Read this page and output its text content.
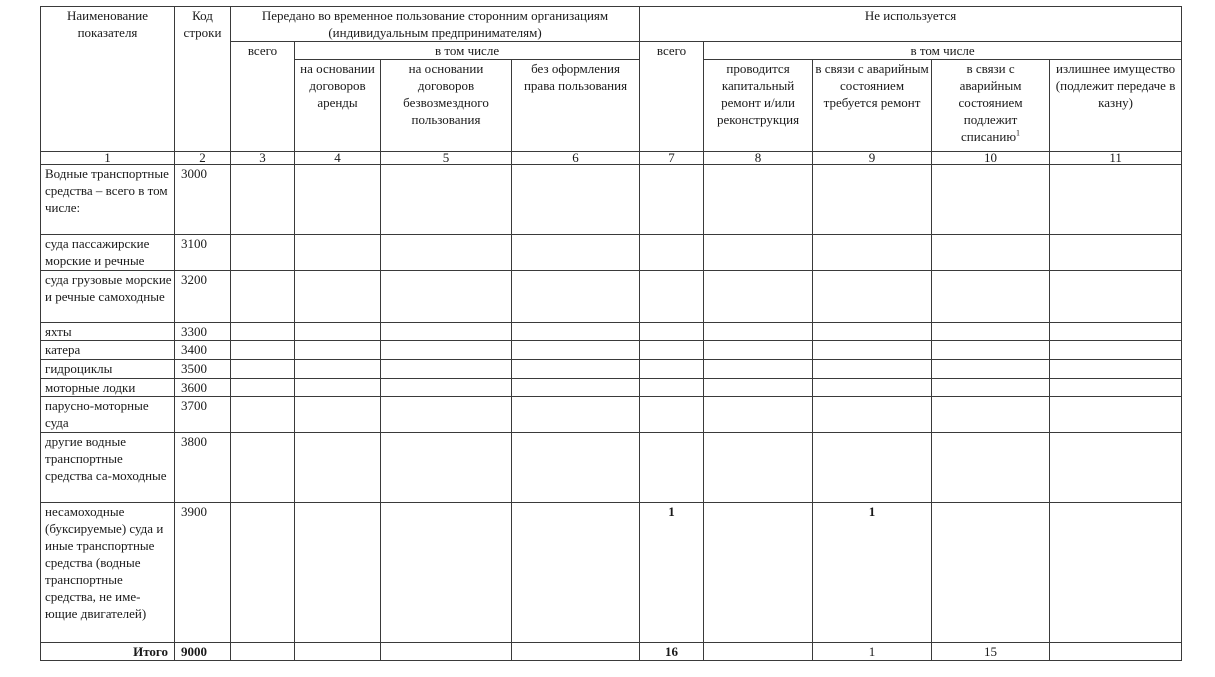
Наименование показателя	Код строки	Передано во временное пользование сторонним организациям (индивидуальным предпринимателям)				Не используется				
		всего	в том числе			всего	в том числе			
			на основании договоров аренды	на основании договоров безвозмездного пользования	без оформления права пользования		проводится капитальный ремонт и/или реконструкция	в связи с аварийным состоянием требуется ремонт	в связи с аварийным состоянием подлежит списанию$^1$	излишнее имущество (подлежит передаче в казну)
1	2	3	4	5	6	7	8	9	10	11
Водные транспортные средства – всего в том числе:	3000									
суда пассажирские морские и речные	3100									
суда грузовые морские и речные самоходные	3200									
яхты	3300									
катера	3400									
гидроциклы	3500									
моторные лодки	3600									
парусно-моторные суда	3700									
другие водные транспортные средства са-моходные	3800									
несамоходные (буксируемые) суда и иные транспортные средства (водные транспортные средства, не име-ющие двигателей)	3900					1		1		
Итого	9000					16		1	15	
